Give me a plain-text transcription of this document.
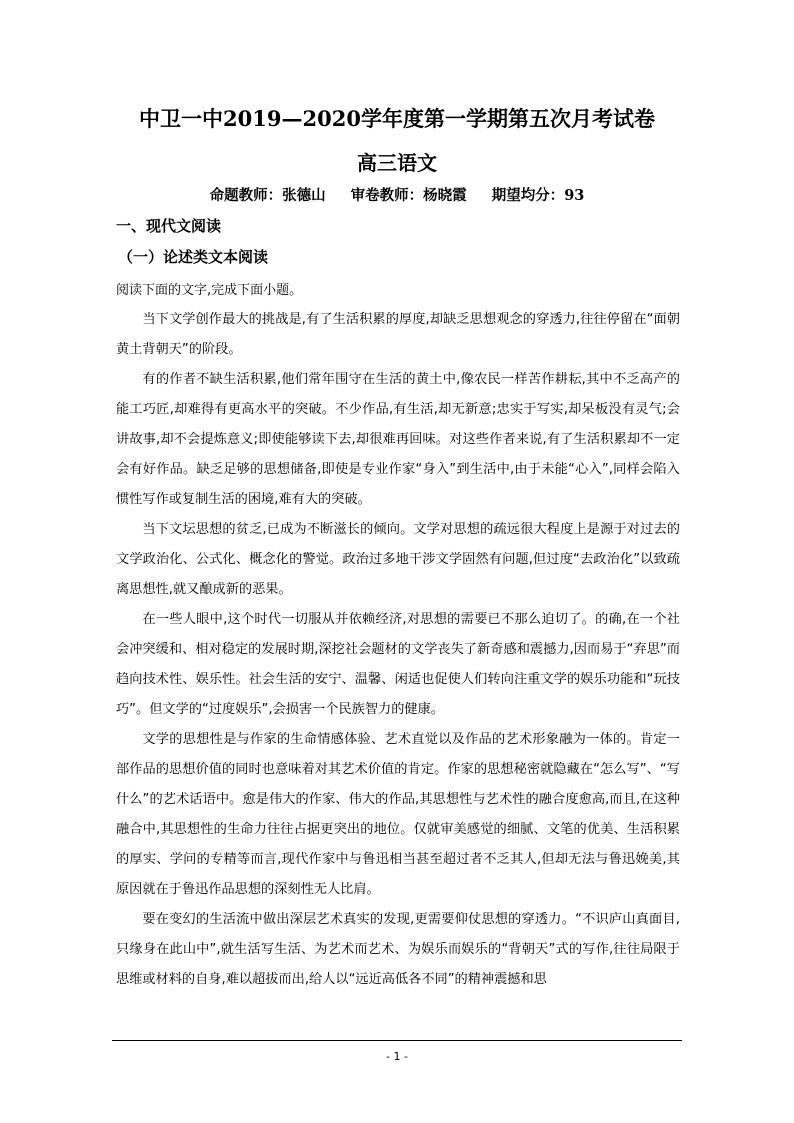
中卫一中2019—2020学年度第一学期第五次月考试卷
高三语文
命题教师：张德山 审卷教师：杨晓霞 期望均分：93
一、现代文阅读
（一）论述类文本阅读
阅读下面的文字,完成下面小题。

当下文学创作最大的挑战是,有了生活积累的厚度,却缺乏思想观念的穿透力,往往停留在“面朝黄土背朝天”的阶段。

有的作者不缺生活积累,他们常年围守在生活的黄土中,像农民一样苦作耕耘,其中不乏高产的能工巧匠,却难得有更高水平的突破。不少作品,有生活,却无新意;忠实于写实,却呆板没有灵气;会讲故事,却不会提炼意义;即使能够读下去,却很难再回味。对这些作者来说,有了生活积累却不一定会有好作品。缺乏足够的思想储备,即使是专业作家“身入”到生活中,由于未能“心入”,同样会陷入惯性写作或复制生活的困境,难有大的突破。

当下文坛思想的贫乏,已成为不断滋长的倾向。文学对思想的疏远很大程度上是源于对过去的文学政治化、公式化、概念化的警觉。政治过多地干涉文学固然有问题,但过度“去政治化”以致疏离思想性,就又酿成新的恶果。

在一些人眼中,这个时代一切服从并依赖经济,对思想的需要已不那么迫切了。的确,在一个社会冲突缓和、相对稳定的发展时期,深挖社会题材的文学丧失了新奇感和震撼力,因而易于“弃思”而趋向技术性、娱乐性。社会生活的安宁、温馨、闲适也促使人们转向注重文学的娱乐功能和“玩技巧”。但文学的“过度娱乐”,会损害一个民族智力的健康。

文学的思想性是与作家的生命情感体验、艺术直觉以及作品的艺术形象融为一体的。肯定一部作品的思想价值的同时也意味着对其艺术价值的肯定。作家的思想秘密就隐藏在“怎么写”、“写什么”的艺术话语中。愈是伟大的作家、伟大的作品,其思想性与艺术性的融合度愈高,而且,在这种融合中,其思想性的生命力往往占据更突出的地位。仅就审美感觉的细腻、文笔的优美、生活积累的厚实、学问的专精等而言,现代作家中与鲁迅相当甚至超过者不乏其人,但却无法与鲁迅娩美,其原因就在于鲁迅作品思想的深刻性无人比肩。

要在变幻的生活流中做出深层艺术真实的发现,更需要仰仗思想的穿透力。“不识庐山真面目,只缘身在此山中”,就生活写生活、为艺术而艺术、为娱乐而娱乐的“背朝天”式的写作,往往局限于思维或材料的自身,难以超拔而出,给人以“远近高低各不同”的精神震撼和思

- 1 -
